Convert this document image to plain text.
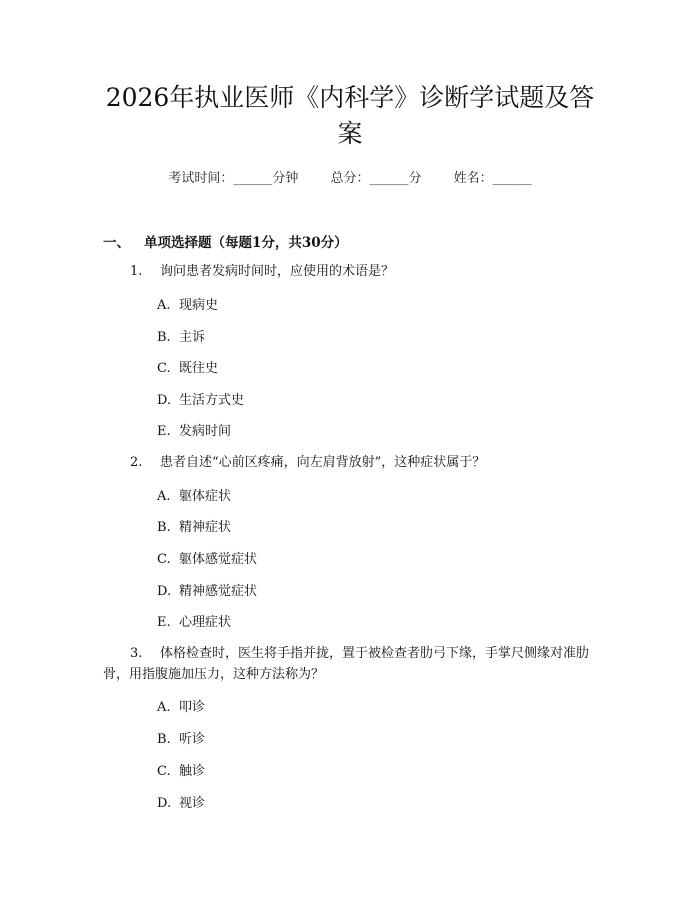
2026年执业医师《内科学》诊断学试题及答
案
考试时间：______分钟 总分：______分 姓名：______
一、 单项选择题（每题1分，共30分）
1. 询问患者发病时间时，应使用的术语是？
A. 现病史
B. 主诉
C. 既往史
D. 生活方式史
E. 发病时间
2. 患者自述“心前区疼痛，向左肩背放射”，这种症状属于？
A. 躯体症状
B. 精神症状
C. 躯体感觉症状
D. 精神感觉症状
E. 心理症状
3. 体格检查时，医生将手指并拢，置于被检查者肋弓下缘，手掌尺侧缘对准肋骨，用指腹施加压力，这种方法称为？
A. 叩诊
B. 听诊
C. 触诊
D. 视诊
